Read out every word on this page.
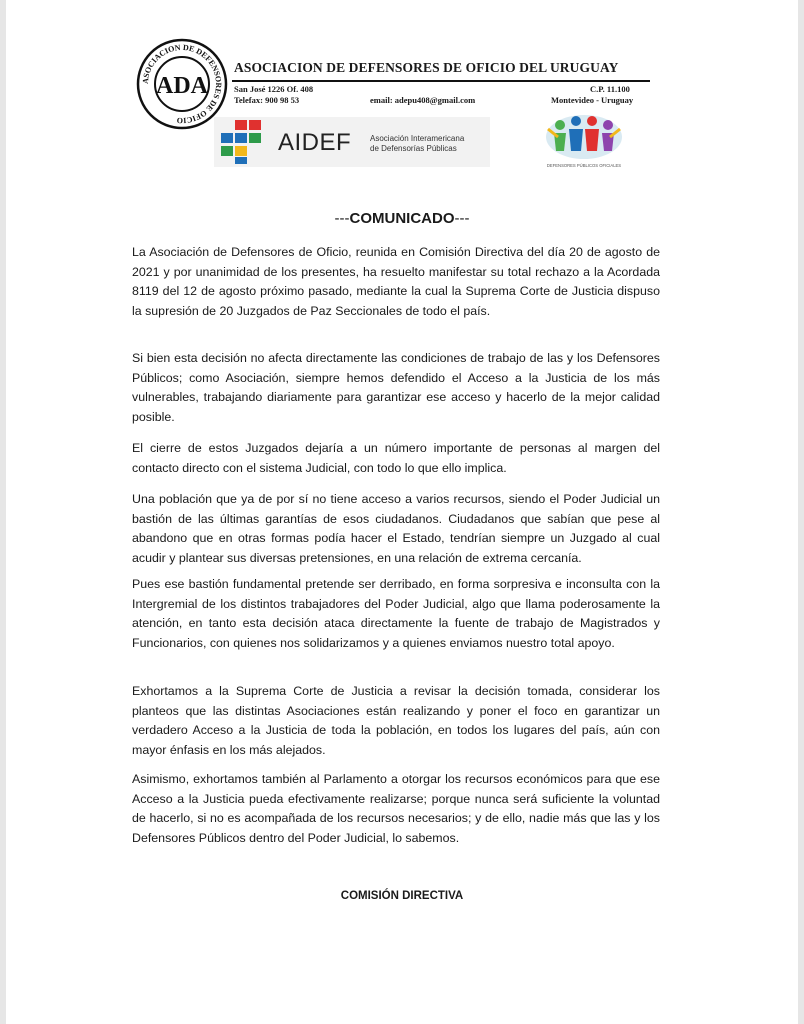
ASOCIACION DE DEFENSORES DE OFICIO
ADA
ASOCIACION DE DEFENSORES DE OFICIO DEL URUGUAY
San José 1226 Of. 408
Telefax: 900 98 53	email: adepu408@gmail.com
C.P. 11.100
Montevideo - Uruguay
AIDEF Asociación Interamericana
de Defensorías Públicas
DEFENSORES PÚBLICOS OFICIALES
---COMUNICADO---

La Asociación de Defensores de Oficio, reunida en Comisión Directiva del día 20 de agosto de 2021 y por unanimidad de los presentes, ha resuelto manifestar su total rechazo a la Acordada 8119 del 12 de agosto próximo pasado, mediante la cual la Suprema Corte de Justicia dispuso la supresión de 20 Juzgados de Paz Seccionales de todo el país.

Si bien esta decisión no afecta directamente las condiciones de trabajo de las y los Defensores Públicos; como Asociación, siempre hemos defendido el Acceso a la Justicia de los más vulnerables, trabajando diariamente para garantizar ese acceso y hacerlo de la mejor calidad posible.

El cierre de estos Juzgados dejaría a un número importante de personas al margen del contacto directo con el sistema Judicial, con todo lo que ello implica.

Una población que ya de por sí no tiene acceso a varios recursos, siendo el Poder Judicial un bastión de las últimas garantías de esos ciudadanos. Ciudadanos que sabían que pese al abandono que en otras formas podía hacer el Estado, tendrían siempre un Juzgado al cual acudir y plantear sus diversas pretensiones, en una relación de extrema cercanía.

Pues ese bastión fundamental pretende ser derribado, en forma sorpresiva e inconsulta con la Intergremial de los distintos trabajadores del Poder Judicial, algo que llama poderosamente la atención, en tanto esta decisión ataca directamente la fuente de trabajo de Magistrados y Funcionarios, con quienes nos solidarizamos y a quienes enviamos nuestro total apoyo.

Exhortamos a la Suprema Corte de Justicia a revisar la decisión tomada, considerar los planteos que las distintas Asociaciones están realizando y poner el foco en garantizar un verdadero Acceso a la Justicia de toda la población, en todos los lugares del país, aún con mayor énfasis en los más alejados.

Asimismo, exhortamos también al Parlamento a otorgar los recursos económicos para que ese Acceso a la Justicia pueda efectivamente realizarse; porque nunca será suficiente la voluntad de hacerlo, si no es acompañada de los recursos necesarios; y de ello, nadie más que las y los Defensores Públicos dentro del Poder Judicial, lo sabemos.

COMISIÓN DIRECTIVA
